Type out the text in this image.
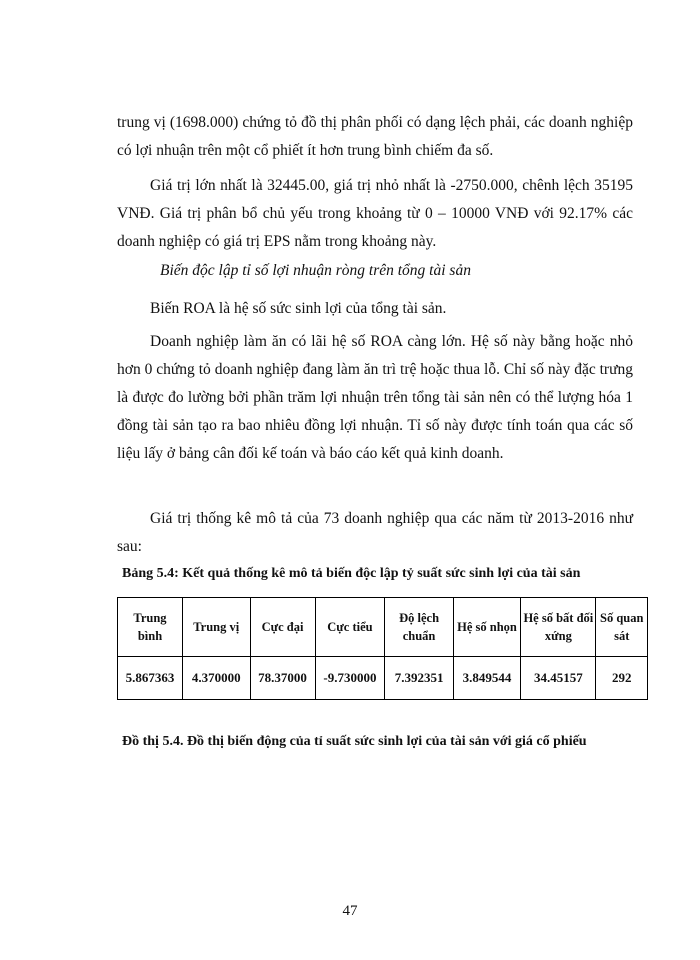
trung vị (1698.000) chứng tỏ đồ thị phân phối có dạng lệch phải, các doanh nghiệp có lợi nhuận trên một cổ phiết ít hơn trung bình chiếm đa số.

Giá trị lớn nhất là 32445.00, giá trị nhỏ nhất là -2750.000, chênh lệch 35195 VNĐ. Giá trị phân bổ chủ yếu trong khoảng từ 0 – 10000 VNĐ với 92.17% các doanh nghiệp có giá trị EPS nằm trong khoảng này.

Biến độc lập tỉ số lợi nhuận ròng trên tổng tài sản

Biến ROA là hệ số sức sinh lợi của tổng tài sản.

Doanh nghiệp làm ăn có lãi hệ số ROA càng lớn. Hệ số này bằng hoặc nhỏ hơn 0 chứng tỏ doanh nghiệp đang làm ăn trì trệ hoặc thua lỗ. Chỉ số này đặc trưng là được đo lường bởi phần trăm lợi nhuận trên tổng tài sản nên có thể lượng hóa 1 đồng tài sản tạo ra bao nhiêu đồng lợi nhuận. Tỉ số này được tính toán qua các số liệu lấy ở bảng cân đối kế toán và báo cáo kết quả kinh doanh.

Giá trị thống kê mô tả của 73 doanh nghiệp qua các năm từ 2013-2016 như sau:

Bảng 5.4: Kết quả thống kê mô tả biến độc lập tỷ suất sức sinh lợi của tài sản

Trung bình	Trung vị	Cực đại	Cực tiểu	Độ lệch chuẩn	Hệ số nhọn	Hệ số bất đối xứng	Số quan sát
5.867363	4.370000	78.37000	-9.730000	7.392351	3.849544	34.45157	292

Đồ thị 5.4. Đồ thị biến động của tỉ suất sức sinh lợi của tài sản với giá cổ phiếu

47
